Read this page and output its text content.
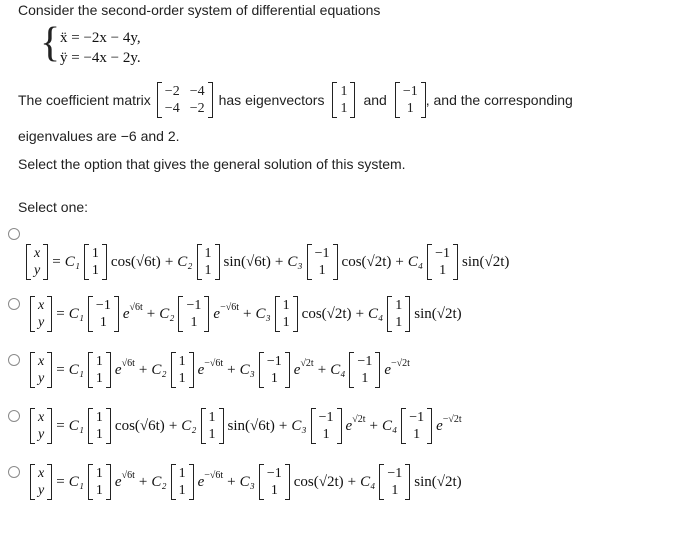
Consider the second-order system of differential equations
{ ẍ = −2x − 4y,
ÿ = −4x − 2y.
The coefficient matrix
−2 −4
−4 −2
has eigenvectors
1
1
and
−1
1
, and the corresponding
eigenvalues are −6 and 2.
Select the option that gives the general solution of this system.
Select one:
x
y
= C₁ 1
1
cos(√6t) + C₂ 1
1
sin(√6t) + C₃ −1
1
cos(√2t) + C₄ −1
1
sin(√2t)
x
y
= C₁ −1
1
e √6t + C₂ −1
1
e −√6t + C₃ 1
1
cos(√2t) + C₄ 1
1
sin(√2t)
x
y
= C₁ 1
1
e √6t + C₂ 1
1
e −√6t + C₃ −1
1
e √2t + C₄ −1
1
e −√2t
x
y
= C₁ 1
1
cos(√6t) + C₂ 1
1
sin(√6t) + C₃ −1
1
e √2t + C₄ −1
1
e −√2t
x
y
= C₁ 1
1
e √6t + C₂ 1
1
e −√6t + C₃ −1
1
cos(√2t) + C₄ −1
1
sin(√2t)
